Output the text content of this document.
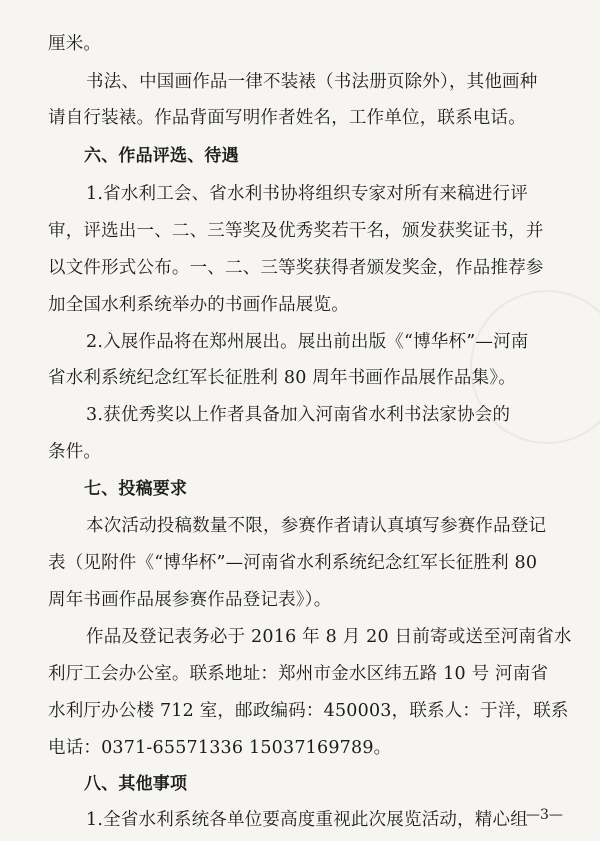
厘米。
书法、中国画作品一律不装裱（书法册页除外），其他画种
请自行装裱。作品背面写明作者姓名，工作单位，联系电话。
六、作品评选、待遇
1.省水利工会、省水利书协将组织专家对所有来稿进行评
审，评选出一、二、三等奖及优秀奖若干名，颁发获奖证书，并
以文件形式公布。一、二、三等奖获得者颁发奖金，作品推荐参
加全国水利系统举办的书画作品展览。
2.入展作品将在郑州展出。展出前出版《“博华杯”—河南
省水利系统纪念红军长征胜利 80 周年书画作品展作品集》。
3.获优秀奖以上作者具备加入河南省水利书法家协会的
条件。
七、投稿要求
本次活动投稿数量不限，参赛作者请认真填写参赛作品登记
表（见附件《“博华杯”—河南省水利系统纪念红军长征胜利 80
周年书画作品展参赛作品登记表》）。
作品及登记表务必于 2016 年 8 月 20 日前寄或送至河南省水
利厅工会办公室。联系地址：郑州市金水区纬五路 10 号 河南省
水利厅办公楼 712 室，邮政编码：450003，联系人：于洋，联系
电话：0371-65571336 15037169789。
八、其他事项
1.全省水利系统各单位要高度重视此次展览活动，精心组
—3—
